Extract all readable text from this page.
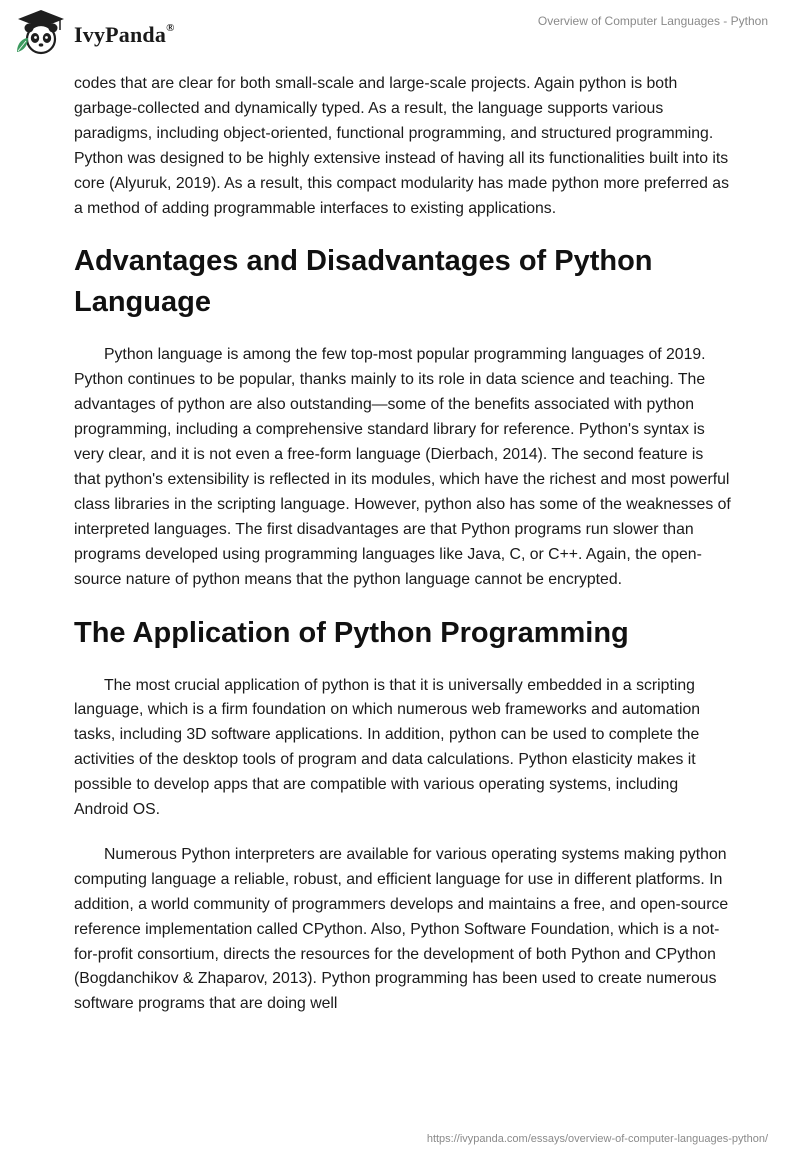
IvyPanda®	Overview of Computer Languages - Python

codes that are clear for both small-scale and large-scale projects. Again python is both garbage-collected and dynamically typed. As a result, the language supports various paradigms, including object-oriented, functional programming, and structured programming. Python was designed to be highly extensive instead of having all its functionalities built into its core (Alyuruk, 2019). As a result, this compact modularity has made python more preferred as a method of adding programmable interfaces to existing applications.

Advantages and Disadvantages of Python Language

Python language is among the few top-most popular programming languages of 2019. Python continues to be popular, thanks mainly to its role in data science and teaching. The advantages of python are also outstanding—some of the benefits associated with python programming, including a comprehensive standard library for reference. Python's syntax is very clear, and it is not even a free-form language (Dierbach, 2014). The second feature is that python's extensibility is reflected in its modules, which have the richest and most powerful class libraries in the scripting language. However, python also has some of the weaknesses of interpreted languages. The first disadvantages are that Python programs run slower than programs developed using programming languages like Java, C, or C++. Again, the open-source nature of python means that the python language cannot be encrypted.

The Application of Python Programming

The most crucial application of python is that it is universally embedded in a scripting language, which is a firm foundation on which numerous web frameworks and automation tasks, including 3D software applications. In addition, python can be used to complete the activities of the desktop tools of program and data calculations. Python elasticity makes it possible to develop apps that are compatible with various operating systems, including Android OS.

Numerous Python interpreters are available for various operating systems making python computing language a reliable, robust, and efficient language for use in different platforms. In addition, a world community of programmers develops and maintains a free, and open-source reference implementation called CPython. Also, Python Software Foundation, which is a not-for-profit consortium, directs the resources for the development of both Python and CPython (Bogdanchikov & Zhaparov, 2013). Python programming has been used to create numerous software programs that are doing well

https://ivypanda.com/essays/overview-of-computer-languages-python/
